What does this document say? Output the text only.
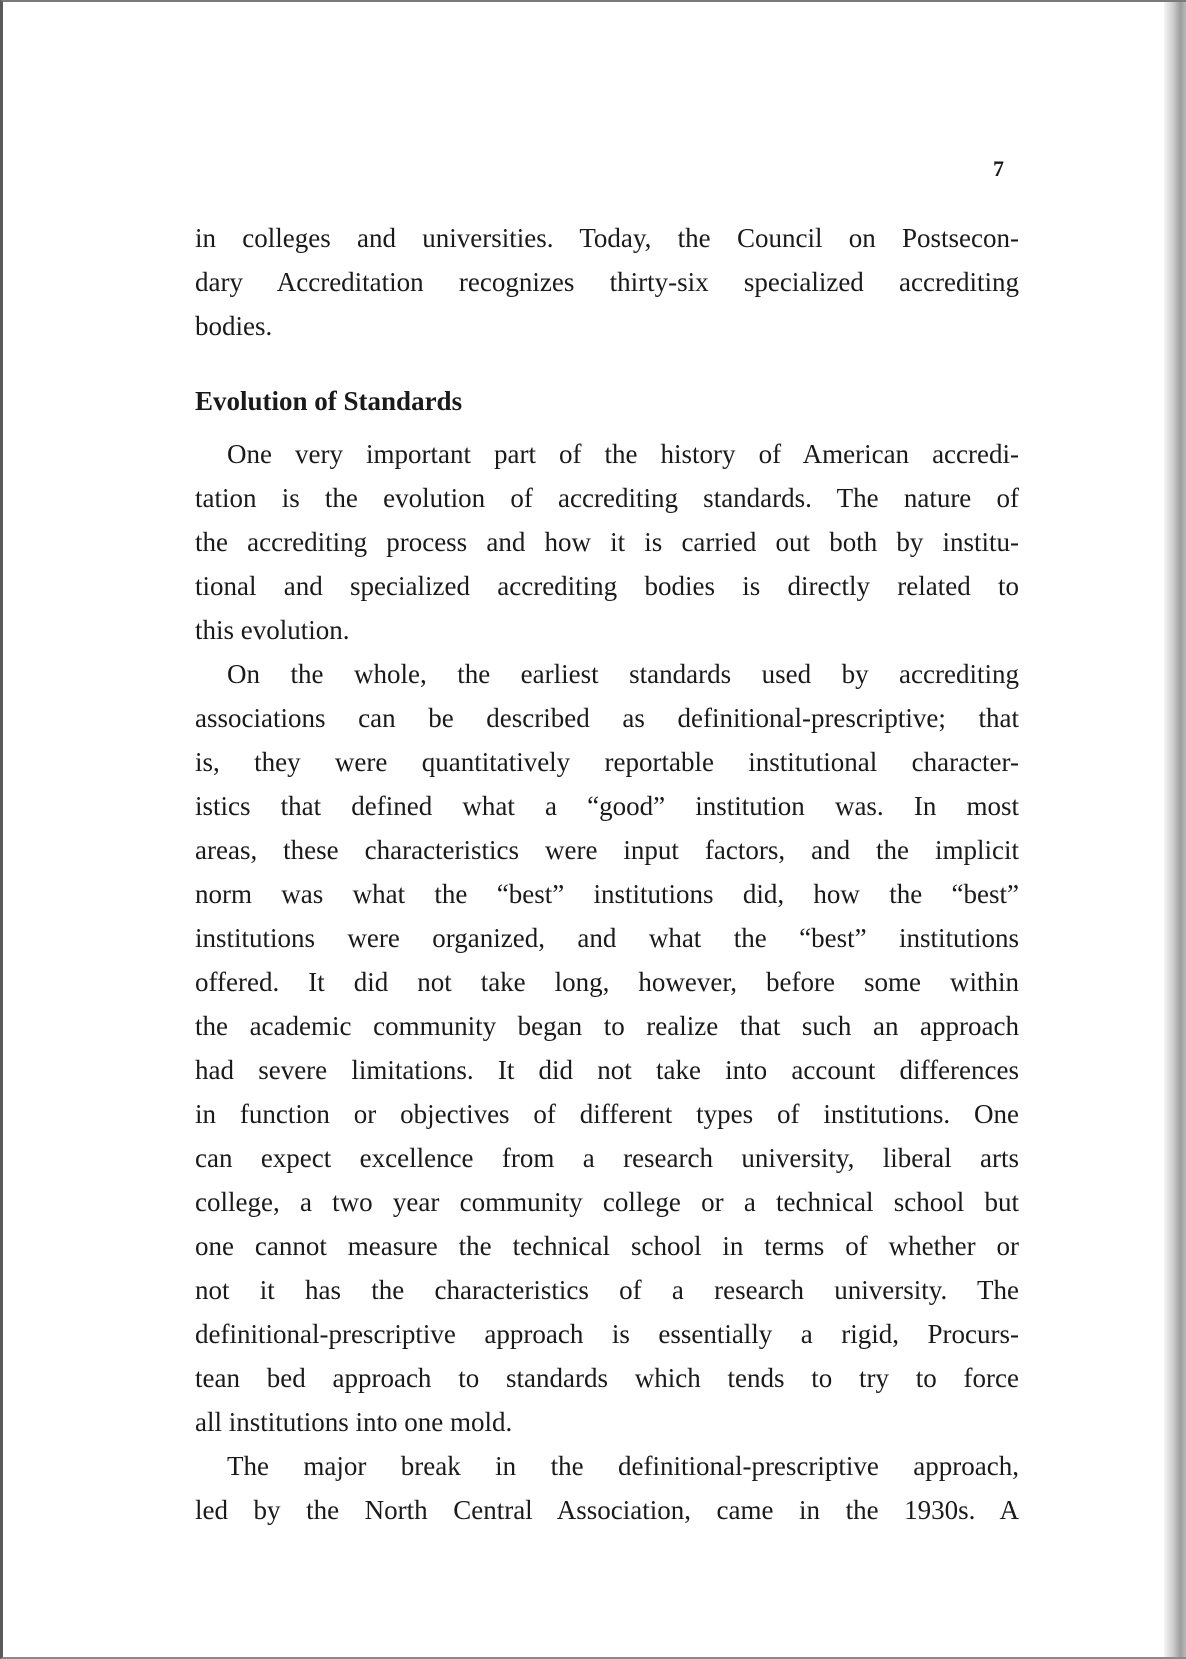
7

in colleges and universities. Today, the Council on Postsecon-
dary Accreditation recognizes thirty-six specialized accrediting
bodies.

Evolution of Standards

One very important part of the history of American accredi-
tation is the evolution of accrediting standards. The nature of
the accrediting process and how it is carried out both by institu-
tional and specialized accrediting bodies is directly related to
this evolution.

On the whole, the earliest standards used by accrediting
associations can be described as definitional-prescriptive; that
is, they were quantitatively reportable institutional character-
istics that defined what a “good” institution was. In most
areas, these characteristics were input factors, and the implicit
norm was what the “best” institutions did, how the “best”
institutions were organized, and what the “best” institutions
offered. It did not take long, however, before some within
the academic community began to realize that such an approach
had severe limitations. It did not take into account differences
in function or objectives of different types of institutions. One
can expect excellence from a research university, liberal arts
college, a two year community college or a technical school but
one cannot measure the technical school in terms of whether or
not it has the characteristics of a research university. The
definitional-prescriptive approach is essentially a rigid, Procurs-
tean bed approach to standards which tends to try to force
all institutions into one mold.

The major break in the definitional-prescriptive approach,
led by the North Central Association, came in the 1930s. A
